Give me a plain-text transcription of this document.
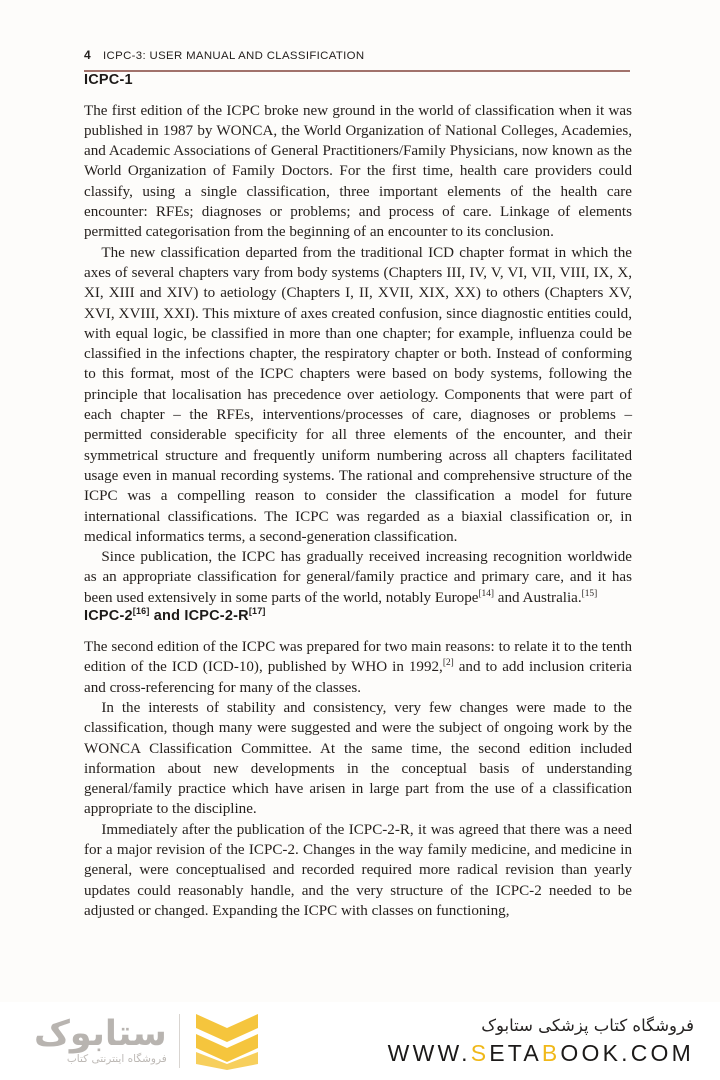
4 ICPC-3: USER MANUAL AND CLASSIFICATION
ICPC-1

The first edition of the ICPC broke new ground in the world of classification when it was published in 1987 by WONCA, the World Organization of National Colleges, Academies, and Academic Associations of General Practitioners/Family Physicians, now known as the World Organization of Family Doctors. For the first time, health care providers could classify, using a single classification, three important elements of the health care encounter: RFEs; diagnoses or problems; and process of care. Linkage of elements permitted categorisation from the beginning of an encounter to its conclusion.

The new classification departed from the traditional ICD chapter format in which the axes of several chapters vary from body systems (Chapters III, IV, V, VI, VII, VIII, IX, X, XI, XIII and XIV) to aetiology (Chapters I, II, XVII, XIX, XX) to others (Chapters XV, XVI, XVIII, XXI). This mixture of axes created confusion, since diagnostic entities could, with equal logic, be classified in more than one chapter; for example, influenza could be classified in the infections chapter, the respiratory chapter or both. Instead of conforming to this format, most of the ICPC chapters were based on body systems, following the principle that localisation has precedence over aetiology. Components that were part of each chapter – the RFEs, interventions/processes of care, diagnoses or problems – permitted considerable specificity for all three elements of the encounter, and their symmetrical structure and frequently uniform numbering across all chapters facilitated usage even in manual recording systems. The rational and comprehensive structure of the ICPC was a compelling reason to consider the classification a model for future international classifications. The ICPC was regarded as a biaxial classification or, in medical informatics terms, a second-generation classification.

Since publication, the ICPC has gradually received increasing recognition worldwide as an appropriate classification for general/family practice and primary care, and it has been used extensively in some parts of the world, notably Europe[14] and Australia.[15]

ICPC-2[16] and ICPC-2-R[17]

The second edition of the ICPC was prepared for two main reasons: to relate it to the tenth edition of the ICD (ICD-10), published by WHO in 1992,[2] and to add inclusion criteria and cross-referencing for many of the classes.

In the interests of stability and consistency, very few changes were made to the classification, though many were suggested and were the subject of ongoing work by the WONCA Classification Committee. At the same time, the second edition included information about new developments in the conceptual basis of understanding general/family practice which have arisen in large part from the use of a classification appropriate to the discipline.

Immediately after the publication of the ICPC-2-R, it was agreed that there was a need for a major revision of the ICPC-2. Changes in the way family medicine, and medicine in general, were conceptualised and recorded required more radical revision than yearly updates could reasonably handle, and the very structure of the ICPC-2 needed to be adjusted or changed. Expanding the ICPC with classes on functioning,

ستابوک
فروشگاه اینترنتی کتاب
فروشگاه کتاب پزشکی ستابوک
WWW.SETABOOK.COM
